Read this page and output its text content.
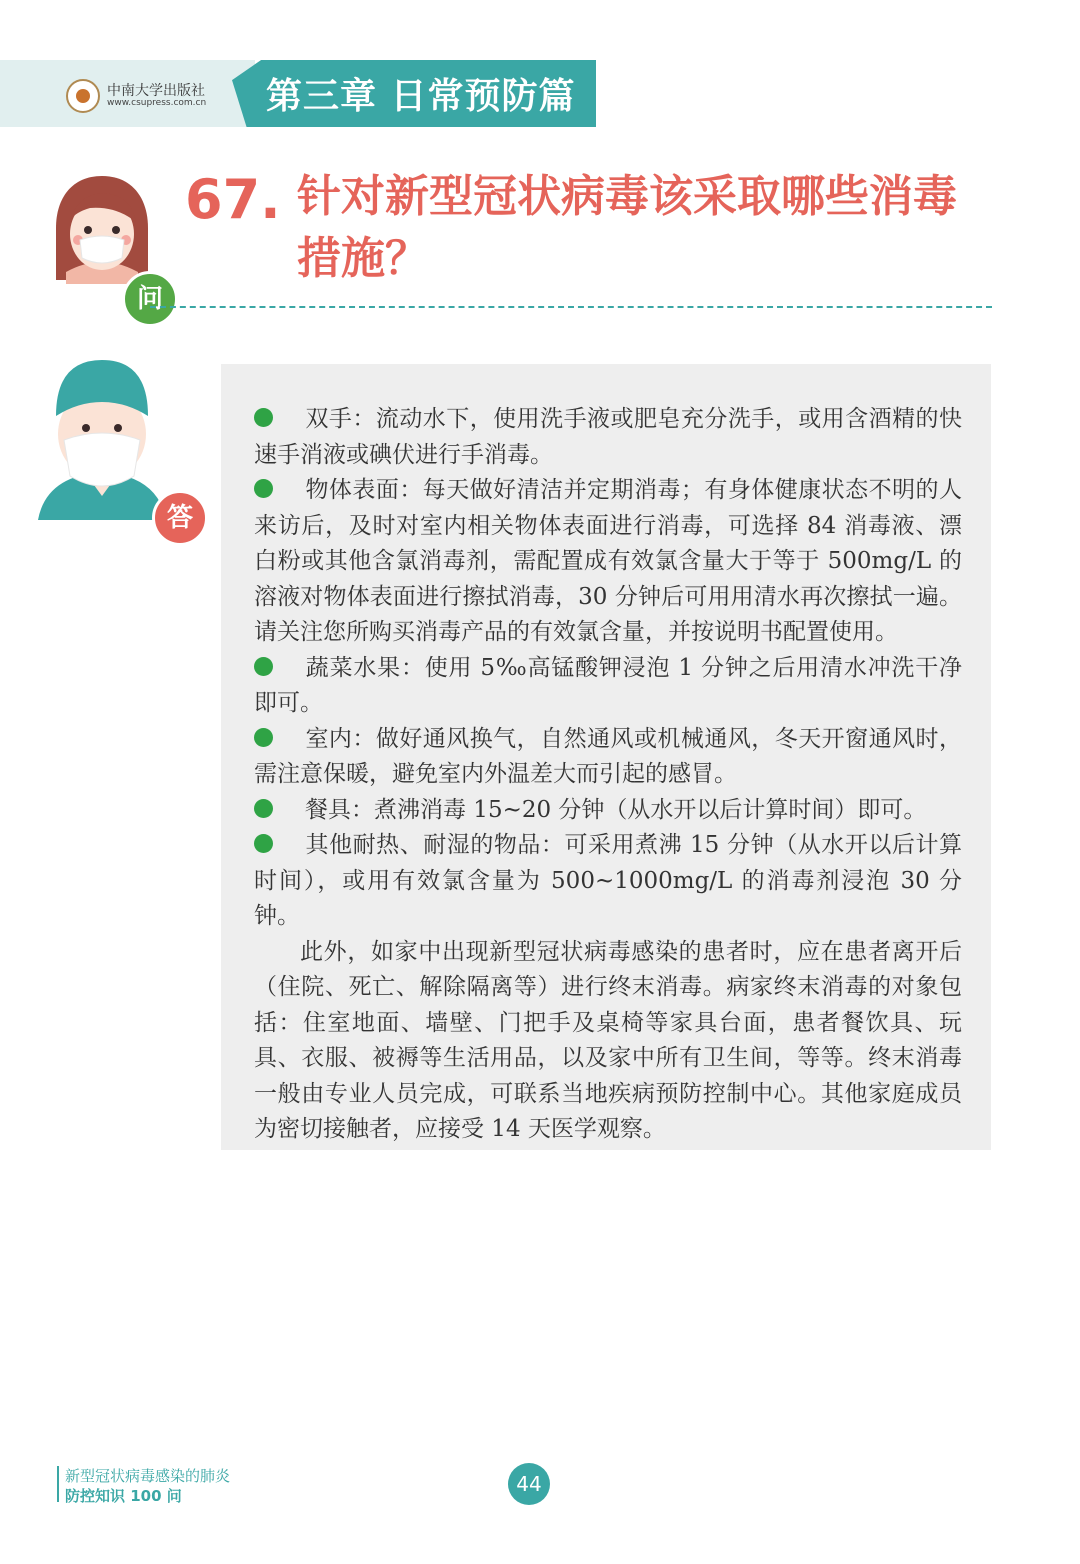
中南大学出版社
www.csupress.com.cn 第三章 日常预防篇
问
67. 针对新型冠状病毒该采取哪些消毒措施？
答

双手：流动水下，使用洗手液或肥皂充分洗手，或用含酒精的快速手消液或碘伏进行手消毒。

物体表面：每天做好清洁并定期消毒；有身体健康状态不明的人来访后，及时对室内相关物体表面进行消毒，可选择 84 消毒液、漂白粉或其他含氯消毒剂，需配置成有效氯含量大于等于 500mg/L 的溶液对物体表面进行擦拭消毒，30 分钟后可用用清水再次擦拭一遍。请关注您所购买消毒产品的有效氯含量，并按说明书配置使用。

蔬菜水果：使用 5‰高锰酸钾浸泡 1 分钟之后用清水冲洗干净即可。

室内：做好通风换气，自然通风或机械通风，冬天开窗通风时，需注意保暖，避免室内外温差大而引起的感冒。

餐具：煮沸消毒 15~20 分钟（从水开以后计算时间）即可。

其他耐热、耐湿的物品：可采用煮沸 15 分钟（从水开以后计算时间），或用有效氯含量为 500~1000mg/L 的消毒剂浸泡 30 分钟。

此外，如家中出现新型冠状病毒感染的患者时，应在患者离开后（住院、死亡、解除隔离等）进行终末消毒。病家终末消毒的对象包括：住室地面、墙壁、门把手及桌椅等家具台面，患者餐饮具、玩具、衣服、被褥等生活用品，以及家中所有卫生间，等等。终末消毒一般由专业人员完成，可联系当地疾病预防控制中心。其他家庭成员为密切接触者，应接受 14 天医学观察。

新型冠状病毒感染的肺炎
防控知识 100 问	44
